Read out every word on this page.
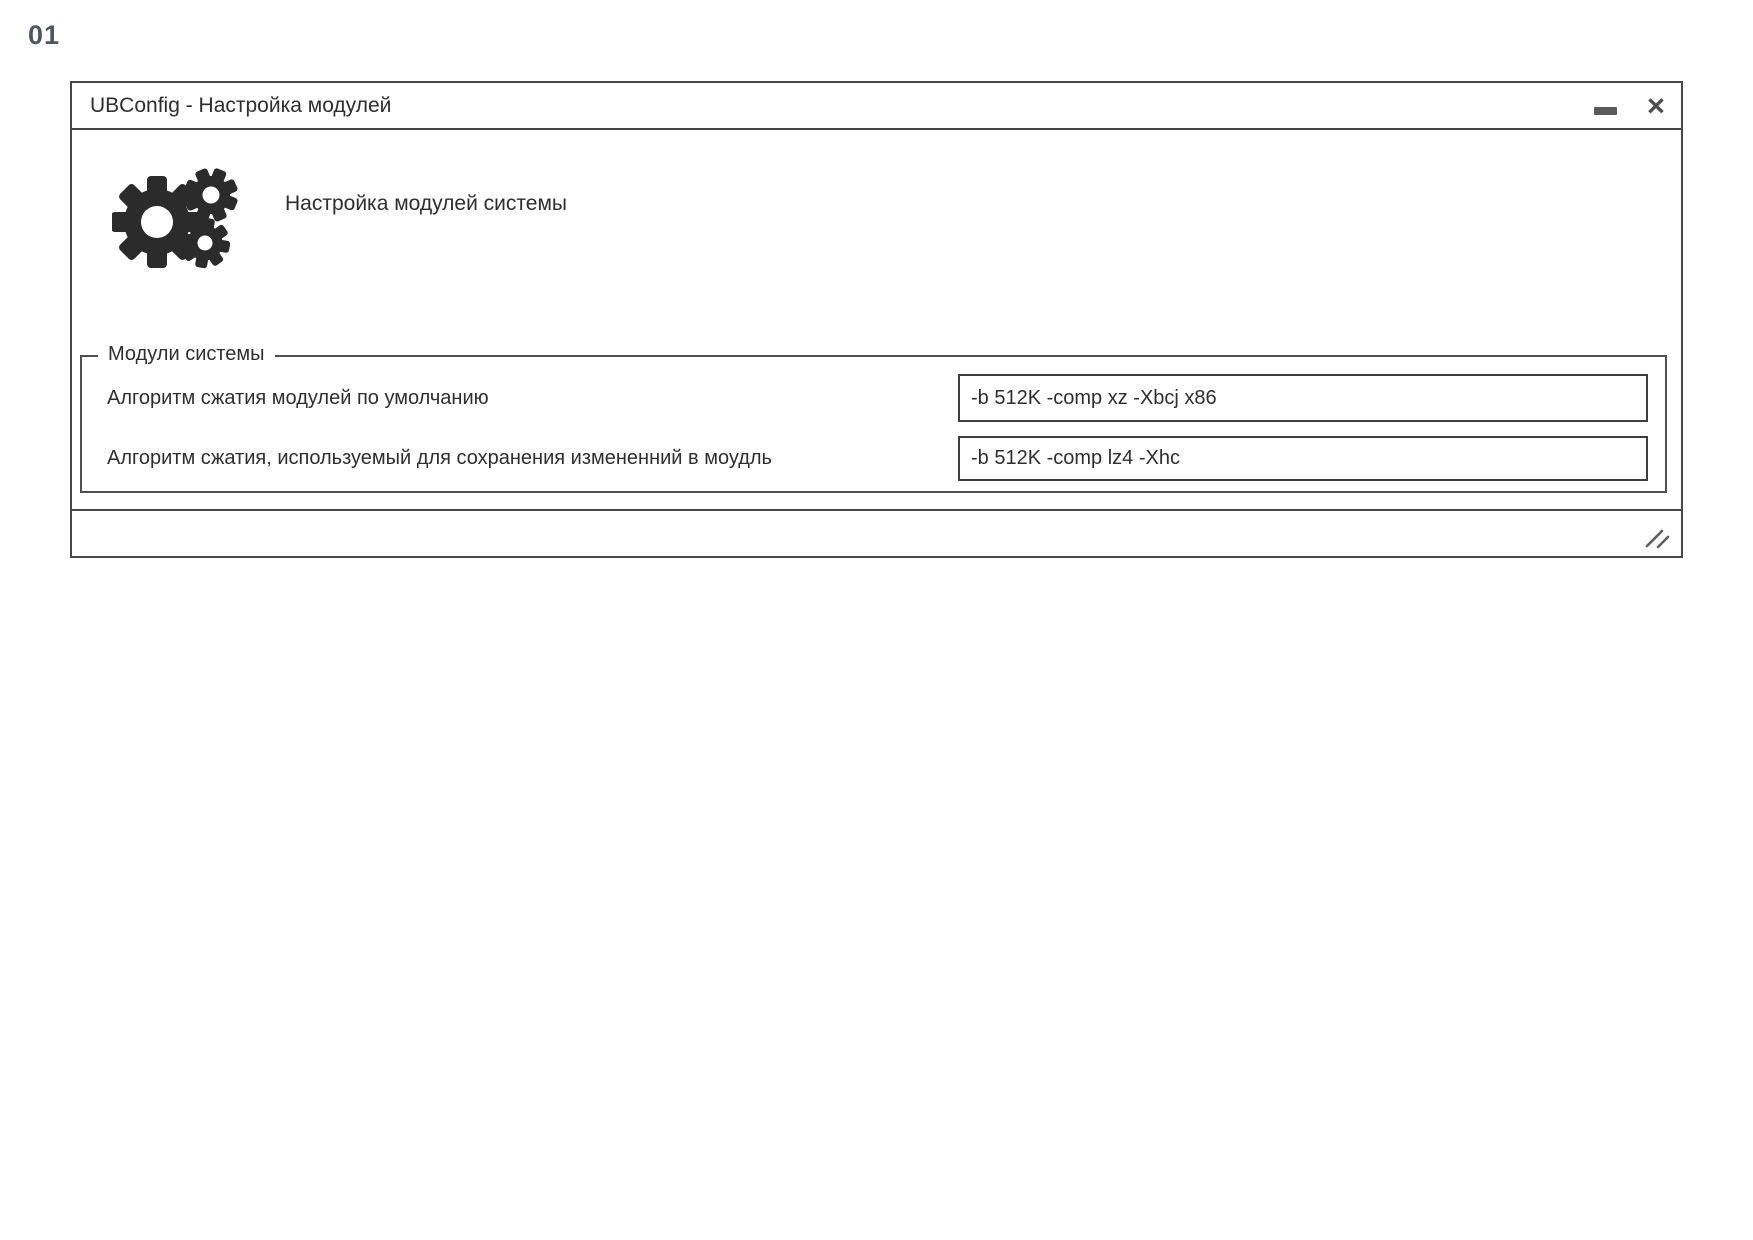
01
UBConfig - Настройка модулей	×
Настройка модулей системы
Модули системы
Алгоритм сжатия модулей по умолчанию
-b 512K -comp xz -Xbcj x86
Алгоритм сжатия, используемый для сохранения измененний в моудль
-b 512K -comp lz4 -Xhc
